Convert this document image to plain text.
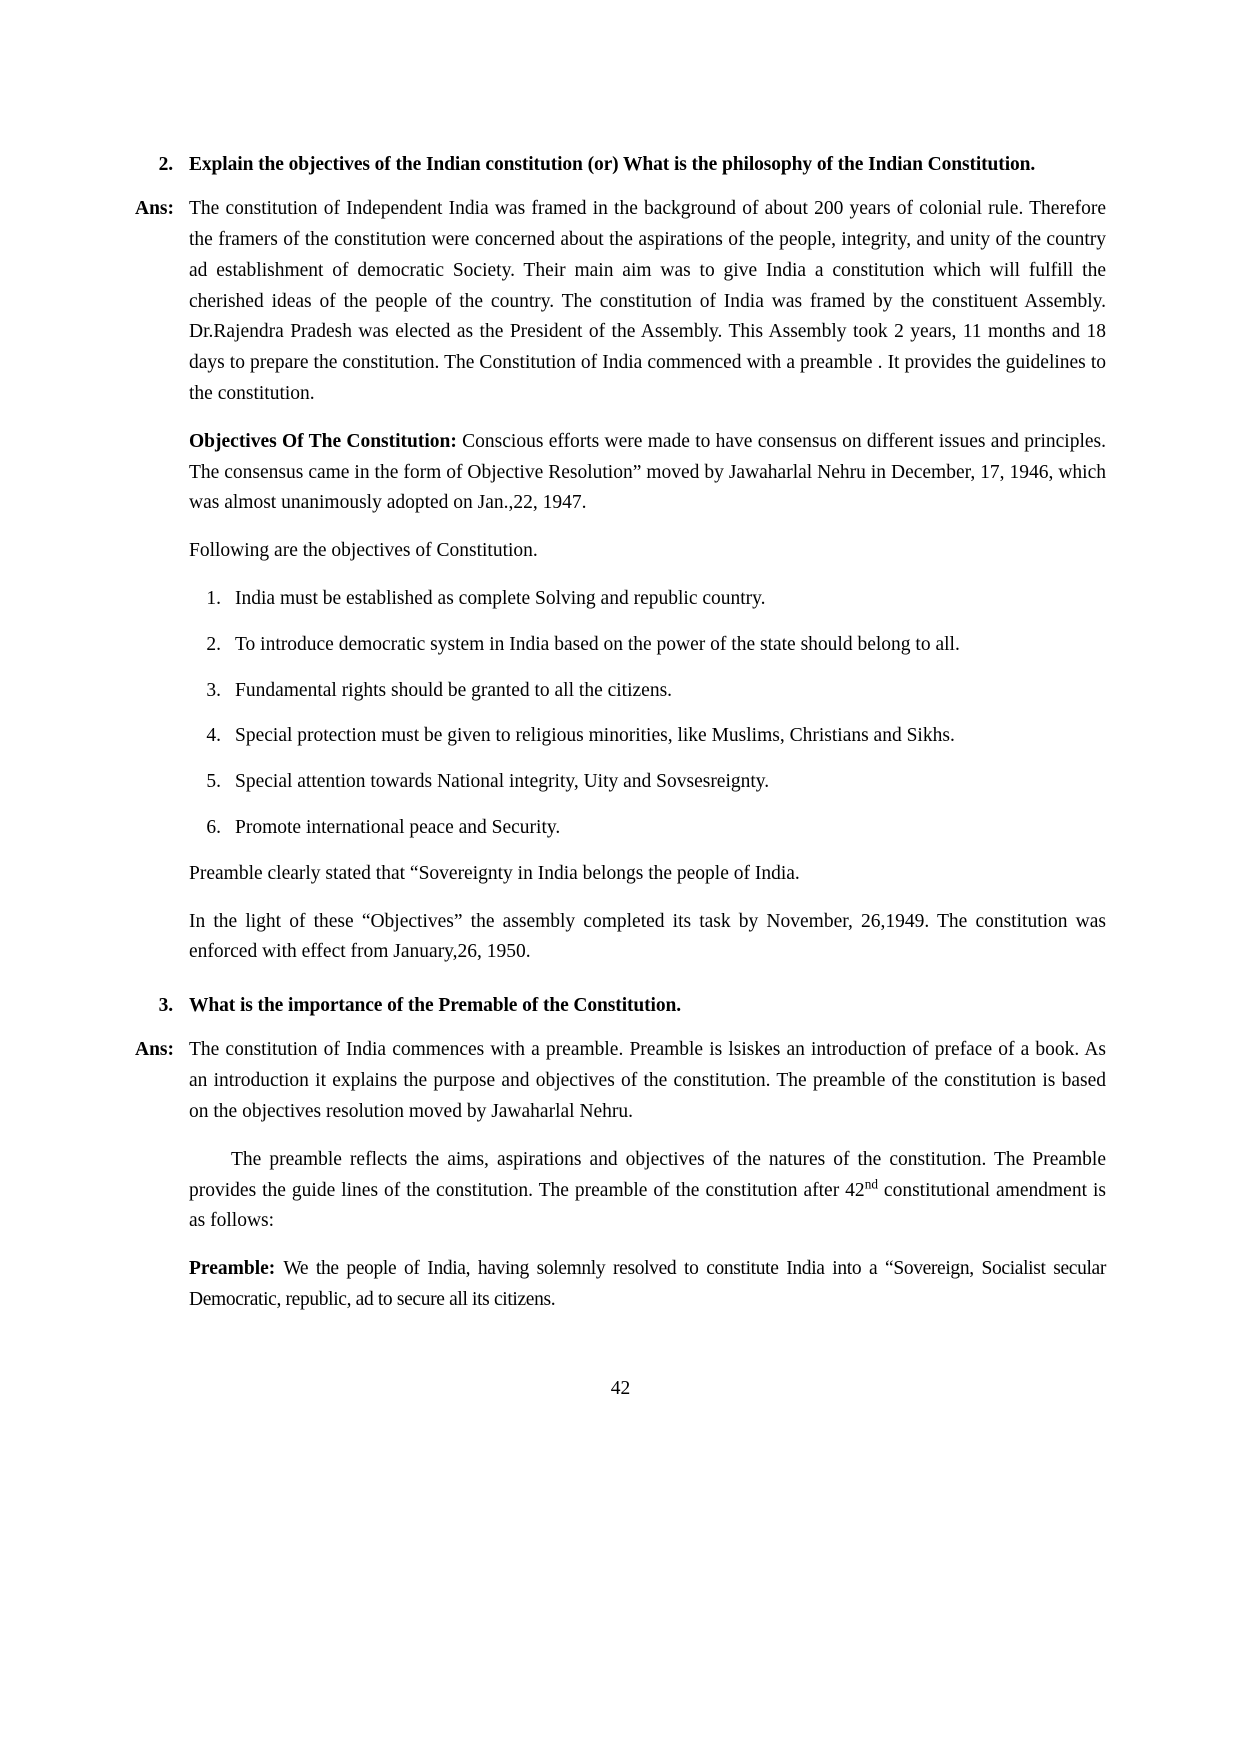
2. Explain the objectives of the Indian constitution (or) What is the philosophy of the Indian Constitution.
Ans: The constitution of Independent India was framed in the background of about 200 years of colonial rule. Therefore the framers of the constitution were concerned about the aspirations of the people, integrity, and unity of the country ad establishment of democratic Society. Their main aim was to give India a constitution which will fulfill the cherished ideas of the people of the country. The constitution of India was framed by the constituent Assembly. Dr.Rajendra Pradesh was elected as the President of the Assembly. This Assembly took 2 years, 11 months and 18 days to prepare the constitution. The Constitution of India commenced with a preamble . It provides the guidelines to the constitution.

Objectives Of The Constitution: Conscious efforts were made to have consensus on different issues and principles. The consensus came in the form of Objective Resolution” moved by Jawaharlal Nehru in December, 17, 1946, which was almost unanimously adopted on Jan.,22, 1947.

Following are the objectives of Constitution.

1. India must be established as complete Solving and republic country.
2. To introduce democratic system in India based on the power of the state should belong to all.
3. Fundamental rights should be granted to all the citizens.
4. Special protection must be given to religious minorities, like Muslims, Christians and Sikhs.
5. Special attention towards National integrity, Uity and Sovsesreignty.
6. Promote international peace and Security.

Preamble clearly stated that “Sovereignty in India belongs the people of India.

In the light of these “Objectives” the assembly completed its task by November, 26,1949. The constitution was enforced with effect from January,26, 1950.

3. What is the importance of the Premable of the Constitution.
Ans: The constitution of India commences with a preamble. Preamble is lsiskes an introduction of preface of a book. As an introduction it explains the purpose and objectives of the constitution. The preamble of the constitution is based on the objectives resolution moved by Jawaharlal Nehru.

The preamble reflects the aims, aspirations and objectives of the natures of the constitution. The Preamble provides the guide lines of the constitution. The preamble of the constitution after 42nd constitutional amendment is as follows:

Preamble: We the people of India, having solemnly resolved to constitute India into a “Sovereign, Socialist secular Democratic, republic, ad to secure all its citizens.

42
